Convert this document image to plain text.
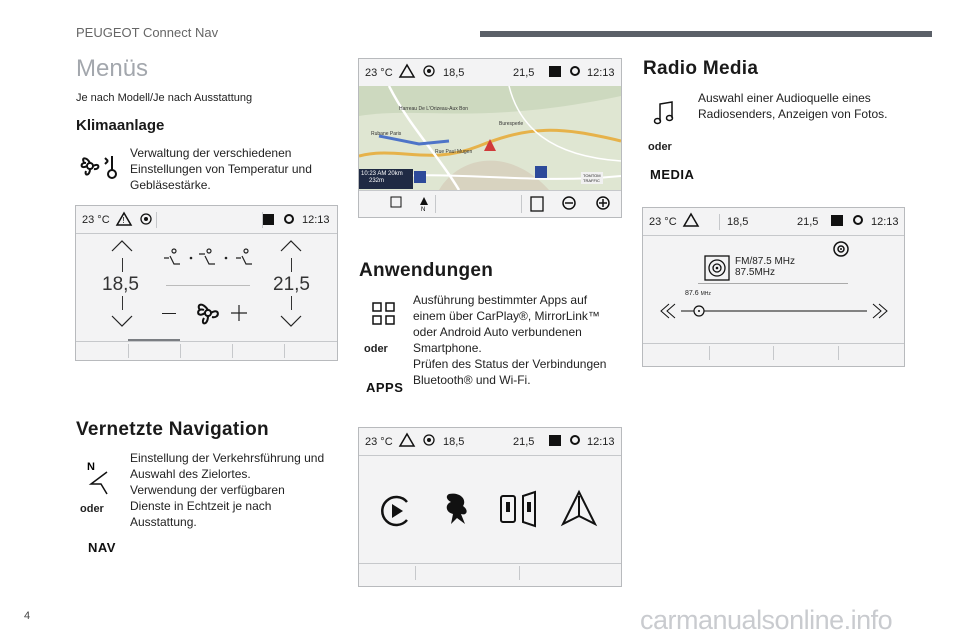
PEUGEOT Connect Nav
Menüs
Je nach Modell/Je nach Ausstattung
Klimaanlage
Verwaltung der verschiedenen
Einstellungen von Temperatur und
Gebläsestärke.
23 °C	12:13
!
18,5	21,5
Vernetzte Navigation
N
oder
NAV
Einstellung der Verkehrsführung und
Auswahl des Zielortes.
Verwendung der verfügbaren
Dienste in Echtzeit je nach
Ausstattung.
23 °C	18,5	21,5	12:13
Harreau De L'Orizeau-Aux Bon
Rubane Paris
Rue Paul Mugen
Buresperle
10:23 AM 20km
232m
TOMTOM
TRAFFIC
N
Anwendungen
oder
APPS
Ausführung bestimmter Apps auf
einem über CarPlay®, MirrorLink™
oder Android Auto verbundenen
Smartphone.
Prüfen des Status der Verbindungen
Bluetooth® und Wi-Fi.
23 °C	18,5	21,5	12:13
Radio Media
oder
MEDIA
Auswahl einer Audioquelle eines
Radiosenders, Anzeigen von Fotos.
23 °C	18,5	21,5	12:13
FM/87.5 MHz
87.5MHz
87.6 MHz
4	carmanualsonline.info
